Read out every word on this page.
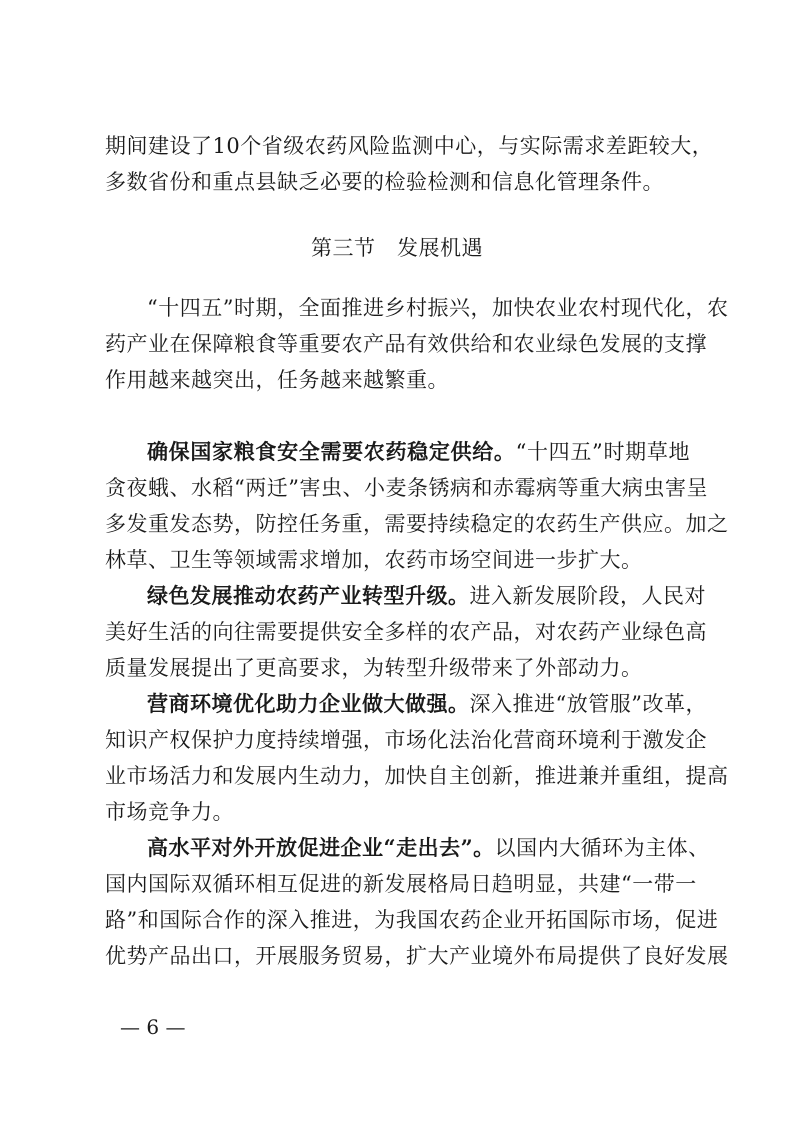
期间建设了10个省级农药风险监测中心，与实际需求差距较大，
多数省份和重点县缺乏必要的检验检测和信息化管理条件。
第三节　发展机遇
“十四五”时期，全面推进乡村振兴，加快农业农村现代化，农
药产业在保障粮食等重要农产品有效供给和农业绿色发展的支撑
作用越来越突出，任务越来越繁重。
确保国家粮食安全需要农药稳定供给。“十四五”时期草地
贪夜蛾、水稻“两迁”害虫、小麦条锈病和赤霉病等重大病虫害呈
多发重发态势，防控任务重，需要持续稳定的农药生产供应。加之
林草、卫生等领域需求增加，农药市场空间进一步扩大。
绿色发展推动农药产业转型升级。进入新发展阶段，人民对
美好生活的向往需要提供安全多样的农产品，对农药产业绿色高
质量发展提出了更高要求，为转型升级带来了外部动力。
营商环境优化助力企业做大做强。深入推进“放管服”改革，
知识产权保护力度持续增强，市场化法治化营商环境利于激发企
业市场活力和发展内生动力，加快自主创新，推进兼并重组，提高
市场竞争力。
高水平对外开放促进企业“走出去”。以国内大循环为主体、
国内国际双循环相互促进的新发展格局日趋明显，共建“一带一
路”和国际合作的深入推进，为我国农药企业开拓国际市场，促进
优势产品出口，开展服务贸易，扩大产业境外布局提供了良好发展
— 6 —
